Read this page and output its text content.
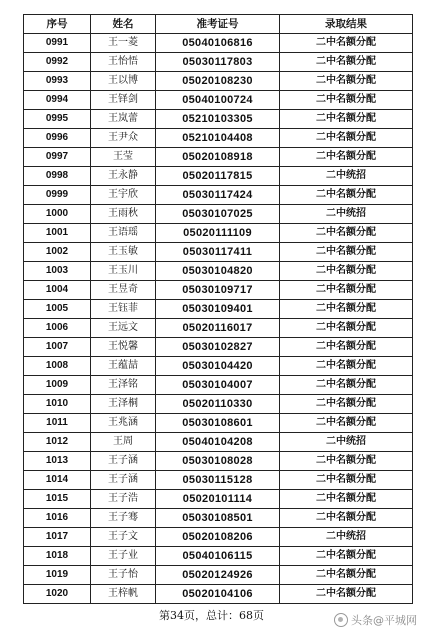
序号	姓名	准考证号	录取结果
0991	王一菱	05040106816	二中名额分配
0992	王怡悟	05030117803	二中名额分配
0993	王以博	05020108230	二中名额分配
0994	王铎剑	05040100724	二中名额分配
0995	王岚蕾	05210103305	二中名额分配
0996	王尹众	05210104408	二中名额分配
0997	王莹	05020108918	二中名额分配
0998	王永静	05020117815	二中统招
0999	王宇欣	05030117424	二中名额分配
1000	王雨秋	05030107025	二中统招
1001	王语瑶	05020111109	二中名额分配
1002	王玉敏	05030117411	二中名额分配
1003	王玉川	05030104820	二中名额分配
1004	王昱奇	05030109717	二中名额分配
1005	王钰菲	05030109401	二中名额分配
1006	王远文	05020116017	二中名额分配
1007	王悦馨	05030102827	二中名额分配
1008	王蕴喆	05030104420	二中名额分配
1009	王泽铭	05030104007	二中名额分配
1010	王泽桐	05020110330	二中名额分配
1011	王兆涵	05030108601	二中名额分配
1012	王周	05040104208	二中统招
1013	王子涵	05030108028	二中名额分配
1014	王子涵	05030115128	二中名额分配
1015	王子浩	05020101114	二中名额分配
1016	王子骞	05030108501	二中名额分配
1017	王子文	05020108206	二中统招
1018	王子业	05040106115	二中名额分配
1019	王子怡	05020124926	二中名额分配
1020	王梓帆	05020104106	二中名额分配
第34页，总计：68页	头条@平城网
